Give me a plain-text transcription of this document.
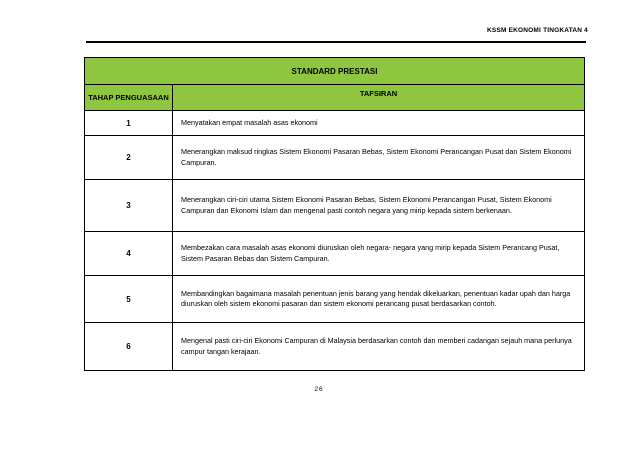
KSSM EKONOMI TINGKATAN 4
STANDARD PRESTASI	
TAHAP PENGUASAAN	TAFSIRAN
1	Menyatakan empat masalah asas ekonomi
2	Menerangkan maksud ringkas Sistem Ekonomi Pasaran Bebas, Sistem Ekonomi Perancangan Pusat dan Sistem Ekonomi Campuran.
3	Menerangkan ciri-ciri utama Sistem Ekonomi Pasaran Bebas, Sistem Ekonomi Perancangan Pusat, Sistem Ekonomi Campuran dan Ekonomi Islam dan mengenal pasti contoh negara yang mirip kepada sistem berkenaan.
4	Membezakan cara masalah asas ekonomi diuruskan oleh negara- negara yang mirip kepada Sistem Perancang Pusat, Sistem Pasaran Bebas dan Sistem Campuran.
5	Membandingkan bagaimana masalah penentuan jenis barang yang hendak dikeluarkan, penentuan kadar upah dan harga diuruskan oleh sistem ekonomi pasaran dan sistem ekonomi perancang pusat berdasarkan contoh.
6	Mengenal pasti ciri-ciri Ekonomi Campuran di Malaysia berdasarkan contoh dan memberi cadangan sejauh mana perlunya campur tangan kerajaan.
26
